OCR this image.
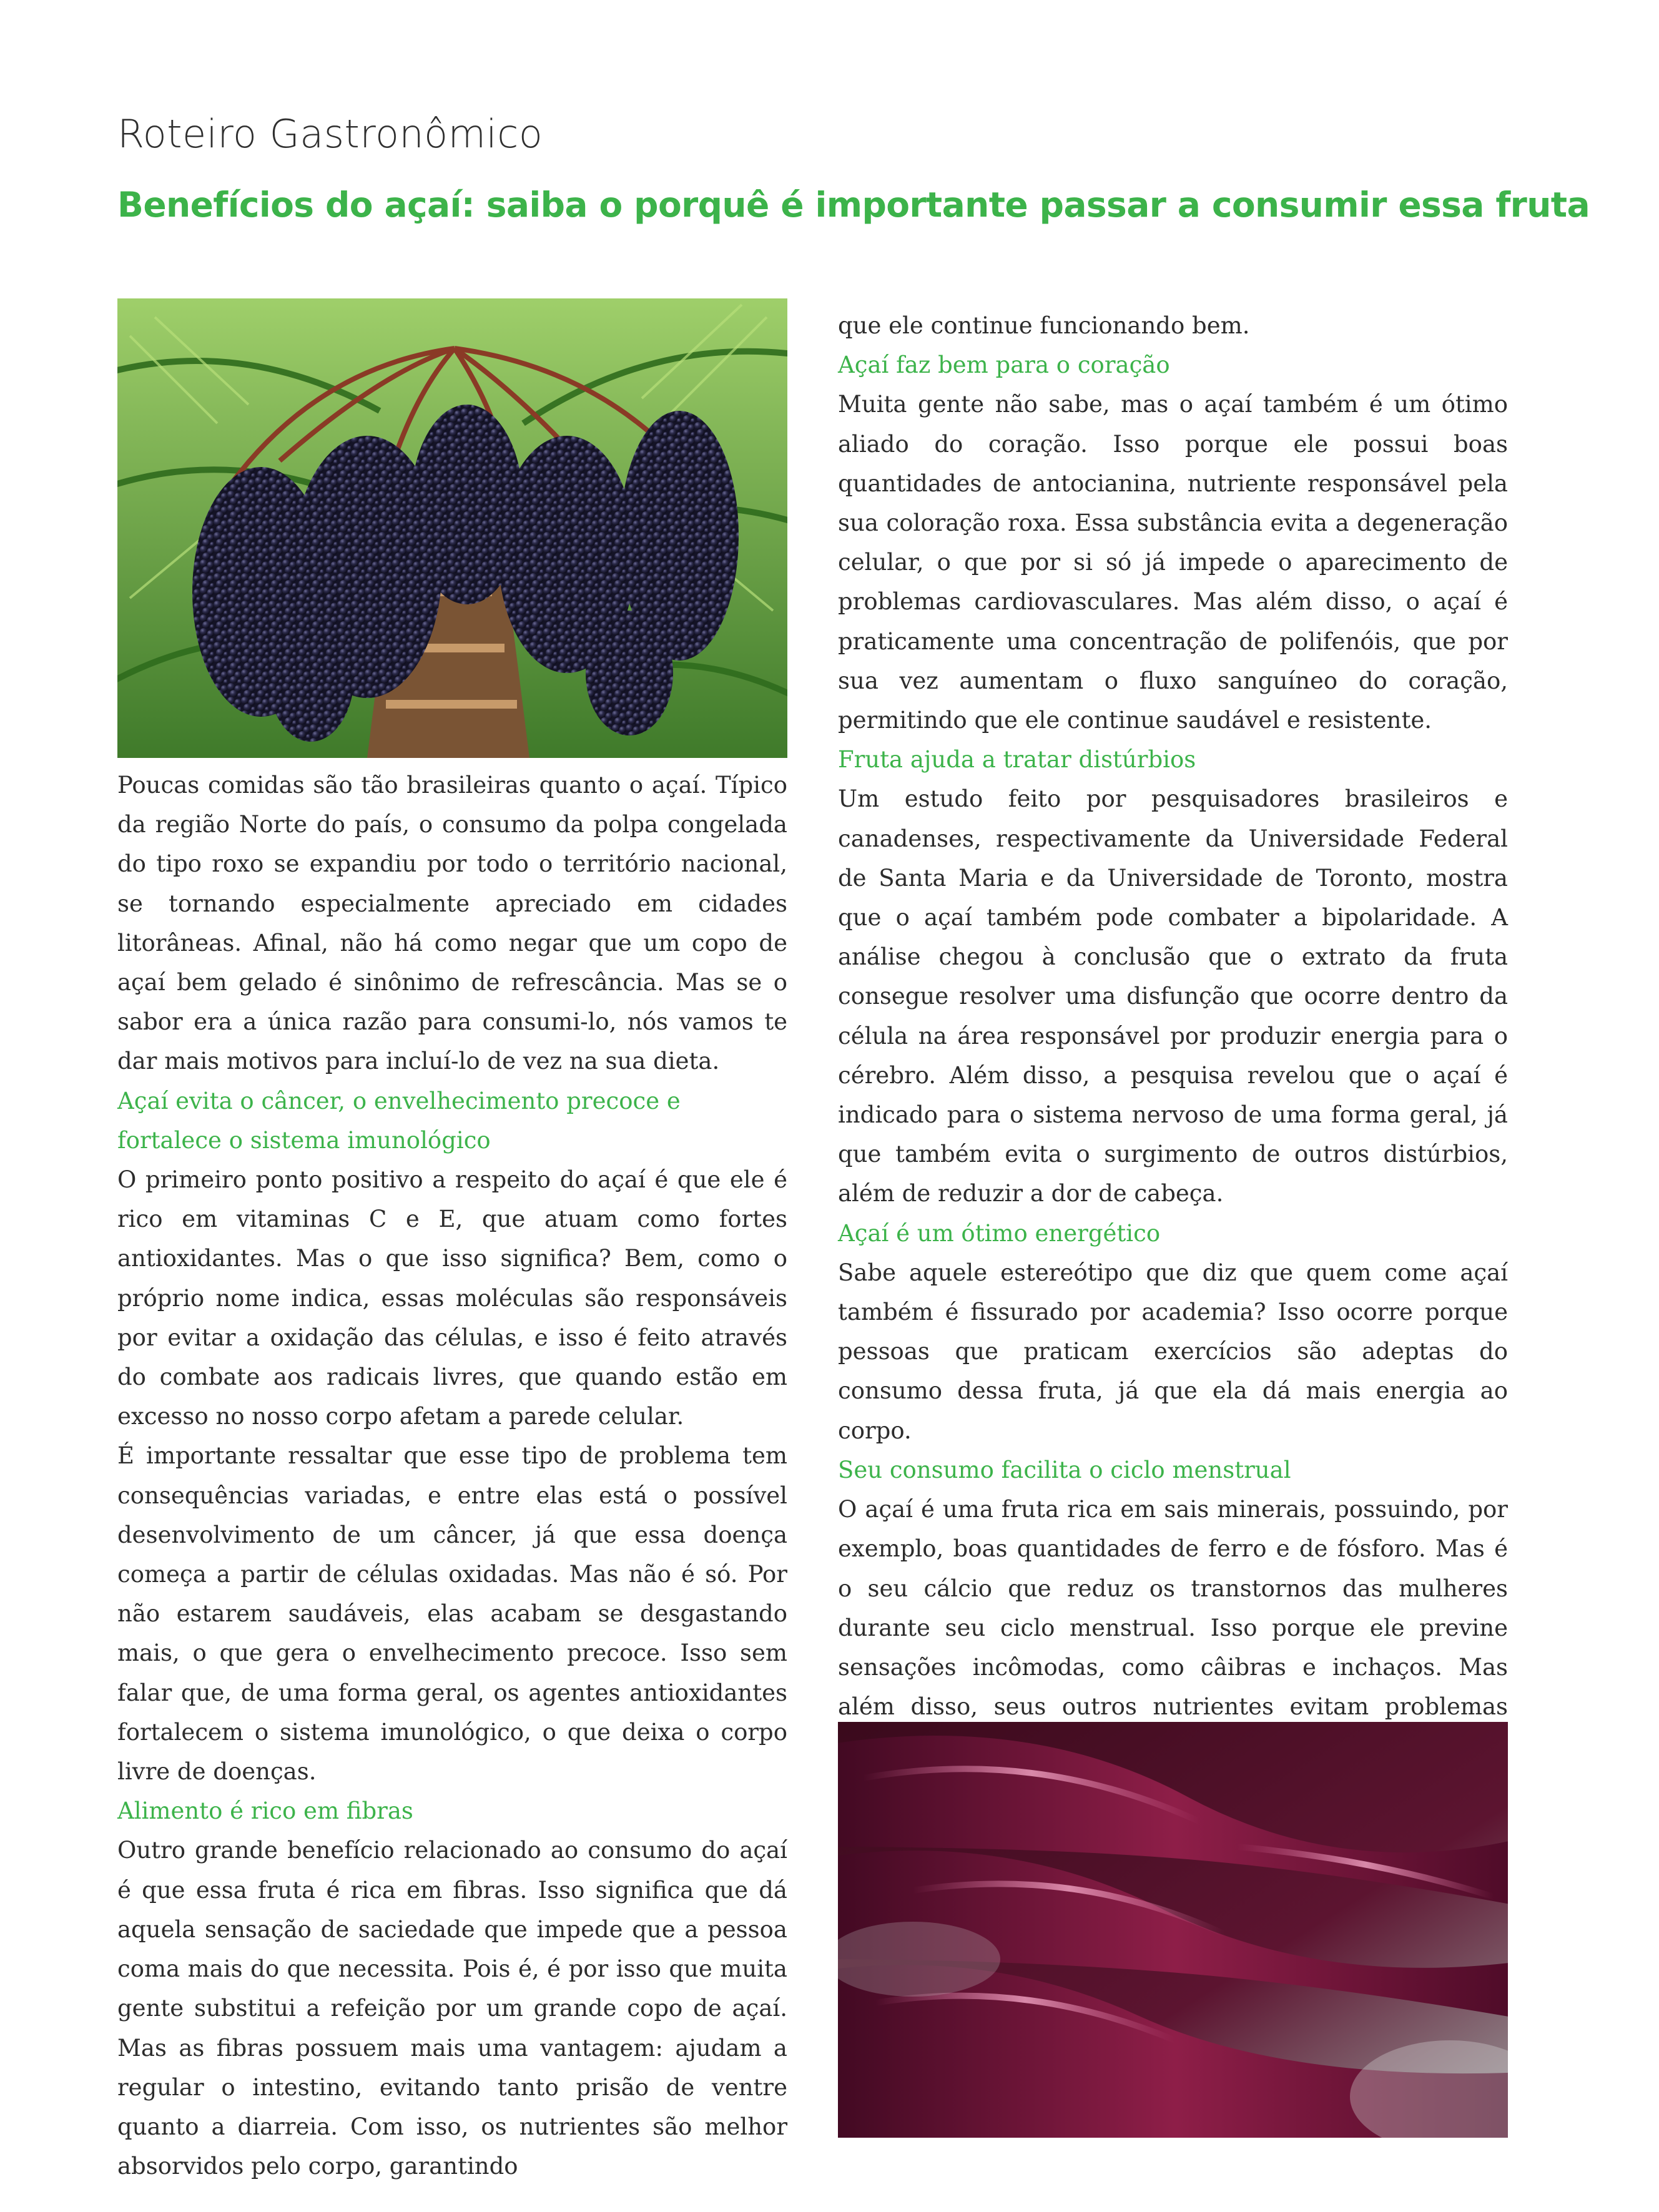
Roteiro Gastronômico
Benefícios do açaí: saiba o porquê é importante passar a consumir essa fruta

Poucas comidas são tão brasileiras quanto o açaí. Típico da região Norte do país, o consumo da polpa congelada do tipo roxo se expandiu por todo o território nacional, se tornando especialmente apreciado em cidades litorâneas. Afinal, não há como negar que um copo de açaí bem gelado é sinônimo de refrescância. Mas se o sabor era a única razão para consumi-lo, nós vamos te dar mais motivos para incluí-lo de vez na sua dieta.

Açaí evita o câncer, o envelhecimento precoce e fortalece o sistema imunológico

O primeiro ponto positivo a respeito do açaí é que ele é rico em vitaminas C e E, que atuam como fortes antioxidantes. Mas o que isso significa? Bem, como o próprio nome indica, essas moléculas são responsáveis por evitar a oxidação das células, e isso é feito através do combate aos radicais livres, que quando estão em excesso no nosso corpo afetam a parede celular.

É importante ressaltar que esse tipo de problema tem consequências variadas, e entre elas está o possível desenvolvimento de um câncer, já que essa doença começa a partir de células oxidadas. Mas não é só. Por não estarem saudáveis, elas acabam se desgastando mais, o que gera o envelhecimento precoce. Isso sem falar que, de uma forma geral, os agentes antioxidantes fortalecem o sistema imunológico, o que deixa o corpo livre de doenças.

Alimento é rico em fibras

Outro grande benefício relacionado ao consumo do açaí é que essa fruta é rica em fibras. Isso significa que dá aquela sensação de saciedade que impede que a pessoa coma mais do que necessita. Pois é, é por isso que muita gente substitui a refeição por um grande copo de açaí. Mas as fibras possuem mais uma vantagem: ajudam a regular o intestino, evitando tanto prisão de ventre quanto a diarreia. Com isso, os nutrientes são melhor absorvidos pelo corpo, garantindo

que ele continue funcionando bem.

Açaí faz bem para o coração

Muita gente não sabe, mas o açaí também é um ótimo aliado do coração. Isso porque ele possui boas quantidades de antocianina, nutriente responsável pela sua coloração roxa. Essa substância evita a degeneração celular, o que por si só já impede o aparecimento de problemas cardiovasculares. Mas além disso, o açaí é praticamente uma concentração de polifenóis, que por sua vez aumentam o fluxo sanguíneo do coração, permitindo que ele continue saudável e resistente.

Fruta ajuda a tratar distúrbios

Um estudo feito por pesquisadores brasileiros e canadenses, respectivamente da Universidade Federal de Santa Maria e da Universidade de Toronto, mostra que o açaí também pode combater a bipolaridade. A análise chegou à conclusão que o extrato da fruta consegue resolver uma disfunção que ocorre dentro da célula na área responsável por produzir energia para o cérebro. Além disso, a pesquisa revelou que o açaí é indicado para o sistema nervoso de uma forma geral, já que também evita o surgimento de outros distúrbios, além de reduzir a dor de cabeça.

Açaí é um ótimo energético

Sabe aquele estereótipo que diz que quem come açaí também é fissurado por academia? Isso ocorre porque pessoas que praticam exercícios são adeptas do consumo dessa fruta, já que ela dá mais energia ao corpo.

Seu consumo facilita o ciclo menstrual

O açaí é uma fruta rica em sais minerais, possuindo, por exemplo, boas quantidades de ferro e de fósforo. Mas é o seu cálcio que reduz os transtornos das mulheres durante seu ciclo menstrual. Isso porque ele previne sensações incômodas, como câibras e inchaços. Mas além disso, seus outros nutrientes evitam problemas
